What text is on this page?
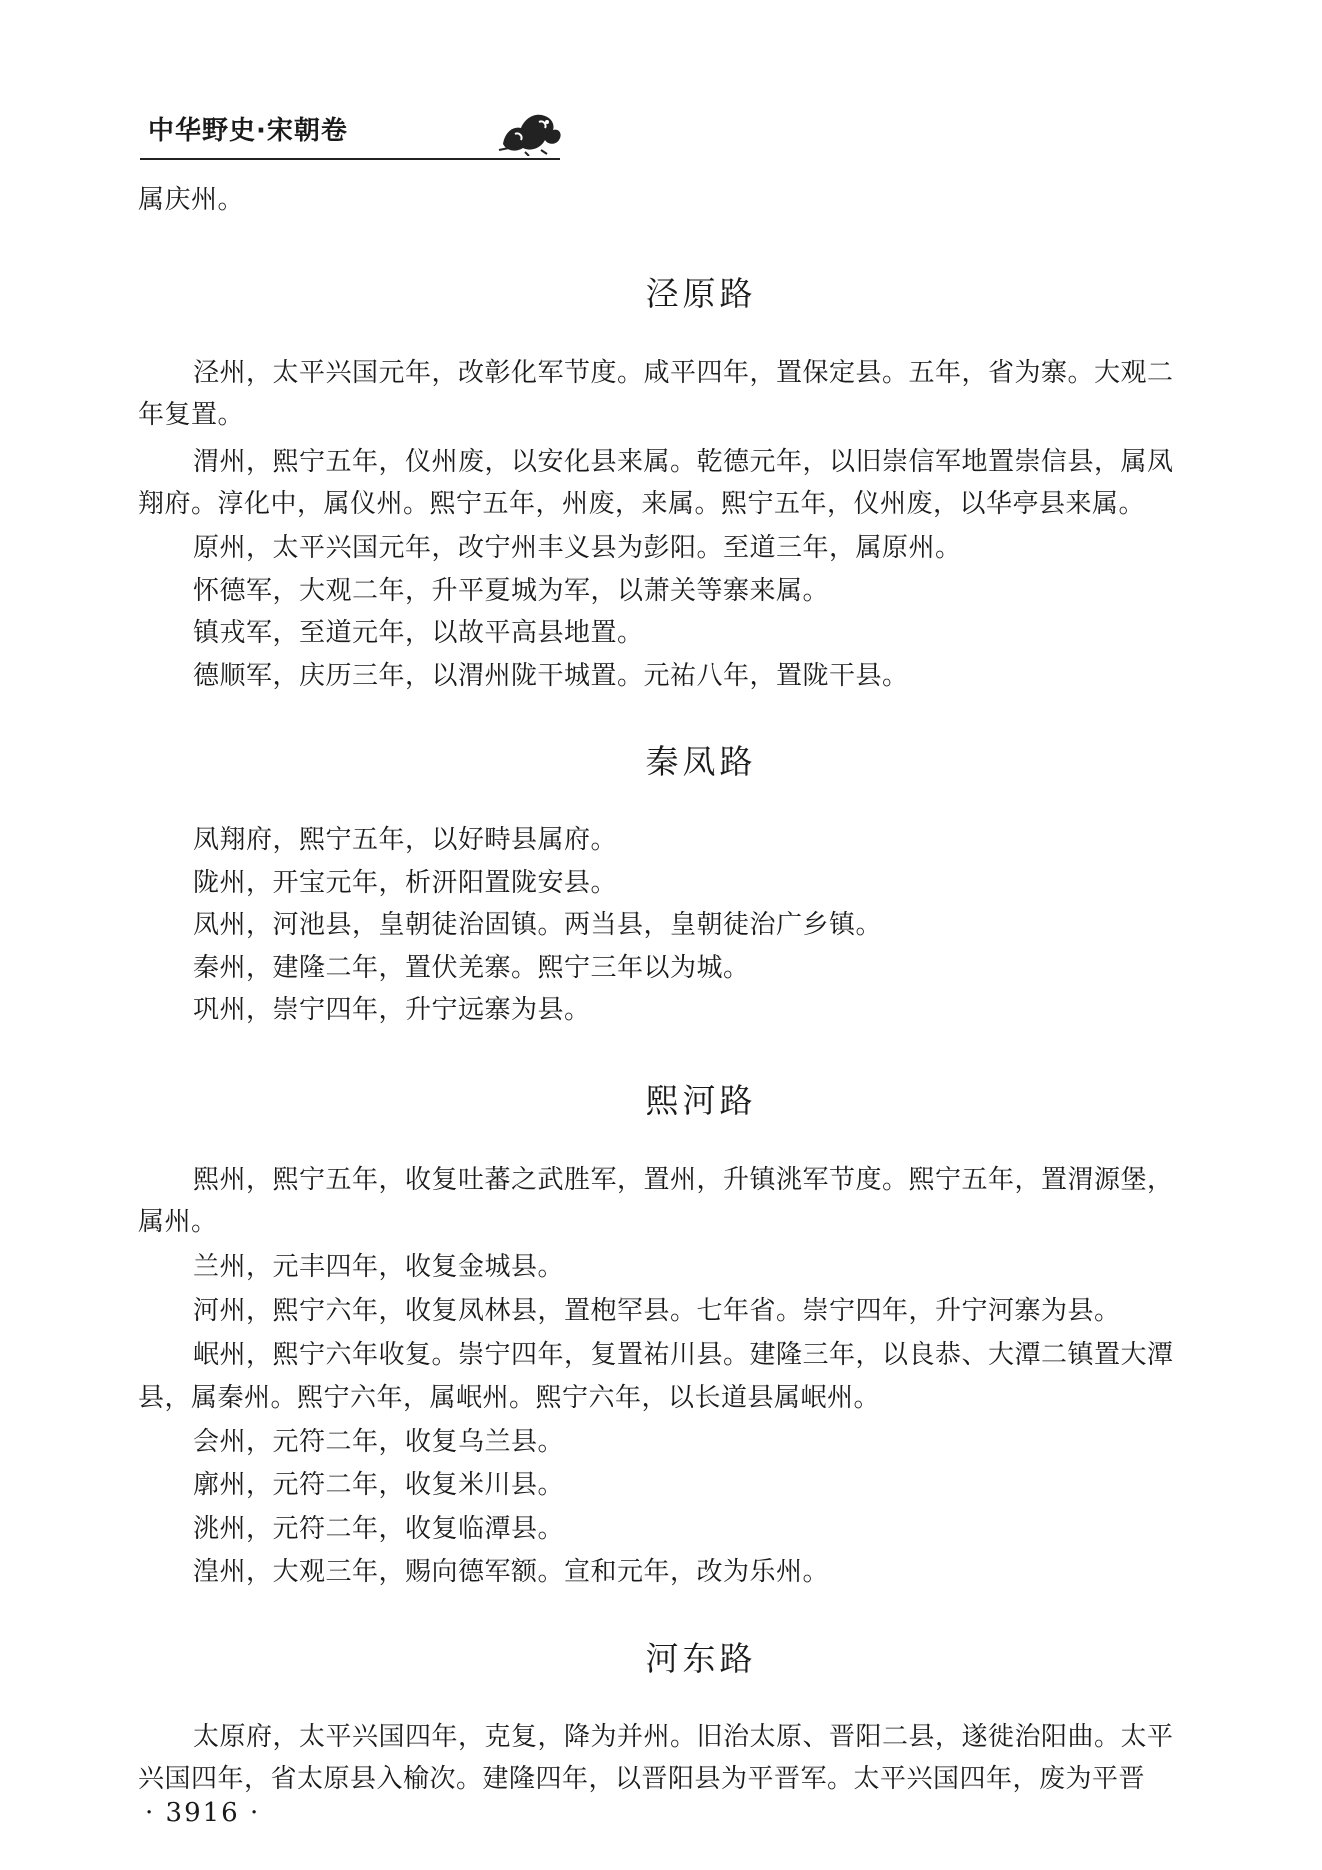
中华野史·宋朝卷
属庆州。
泾原路
泾州，太平兴国元年，改彰化军节度。咸平四年，置保定县。五年，省为寨。大观二
年复置。
渭州，熙宁五年，仪州废，以安化县来属。乾德元年，以旧崇信军地置崇信县，属凤
翔府。淳化中，属仪州。熙宁五年，州废，来属。熙宁五年，仪州废，以华亭县来属。
原州，太平兴国元年，改宁州丰义县为彭阳。至道三年，属原州。
怀德军，大观二年，升平夏城为军，以萧关等寨来属。
镇戎军，至道元年，以故平高县地置。
德顺军，庆历三年，以渭州陇干城置。元祐八年，置陇干县。
秦凤路
凤翔府，熙宁五年，以好畤县属府。
陇州，开宝元年，析汧阳置陇安县。
凤州，河池县，皇朝徒治固镇。两当县，皇朝徒治广乡镇。
秦州，建隆二年，置伏羌寨。熙宁三年以为城。
巩州，崇宁四年，升宁远寨为县。
熙河路
熙州，熙宁五年，收复吐蕃之武胜军，置州，升镇洮军节度。熙宁五年，置渭源堡，
属州。
兰州，元丰四年，收复金城县。
河州，熙宁六年，收复凤林县，置枹罕县。七年省。崇宁四年，升宁河寨为县。
岷州，熙宁六年收复。崇宁四年，复置祐川县。建隆三年，以良恭、大潭二镇置大潭
县，属秦州。熙宁六年，属岷州。熙宁六年，以长道县属岷州。
会州，元符二年，收复乌兰县。
廓州，元符二年，收复米川县。
洮州，元符二年，收复临潭县。
湟州，大观三年，赐向德军额。宣和元年，改为乐州。
河东路
太原府，太平兴国四年，克复，降为并州。旧治太原、晋阳二县，遂徙治阳曲。太平
兴国四年，省太原县入榆次。建隆四年，以晋阳县为平晋军。太平兴国四年，废为平晋
· 3916 ·
